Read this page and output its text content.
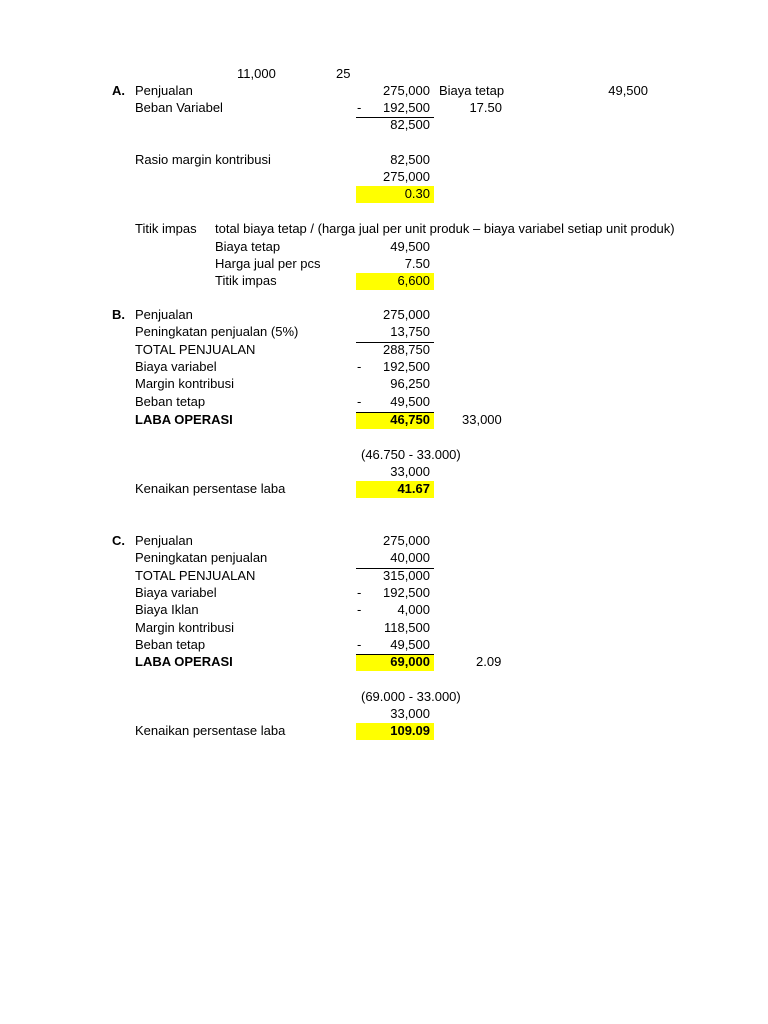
11,000	25
A. Penjualan	275,000 Biaya tetap	49,500
Beban Variabel	-	192,500	17.50
82,500
Rasio margin kontribusi	82,500
275,000
0.30
Titik impas total biaya tetap / (harga jual per unit produk – biaya variabel setiap unit produk)
Biaya tetap	49,500
Harga jual per pcs	7.50
Titik impas	6,600
B. Penjualan	275,000
Peningkatan penjualan (5%)	13,750
TOTAL PENJUALAN	288,750
Biaya variabel	-	192,500
Margin kontribusi	96,250
Beban tetap	-	49,500
LABA OPERASI	46,750 33,000
(46.750 - 33.000)
33,000
Kenaikan persentase laba	41.67
C. Penjualan	275,000
Peningkatan penjualan	40,000
TOTAL PENJUALAN	315,000
Biaya variabel	-	192,500
Biaya Iklan	-	4,000
Margin kontribusi	118,500
Beban tetap	-	49,500
LABA OPERASI	69,000	2.09
(69.000 - 33.000)
33,000
Kenaikan persentase laba	109.09
